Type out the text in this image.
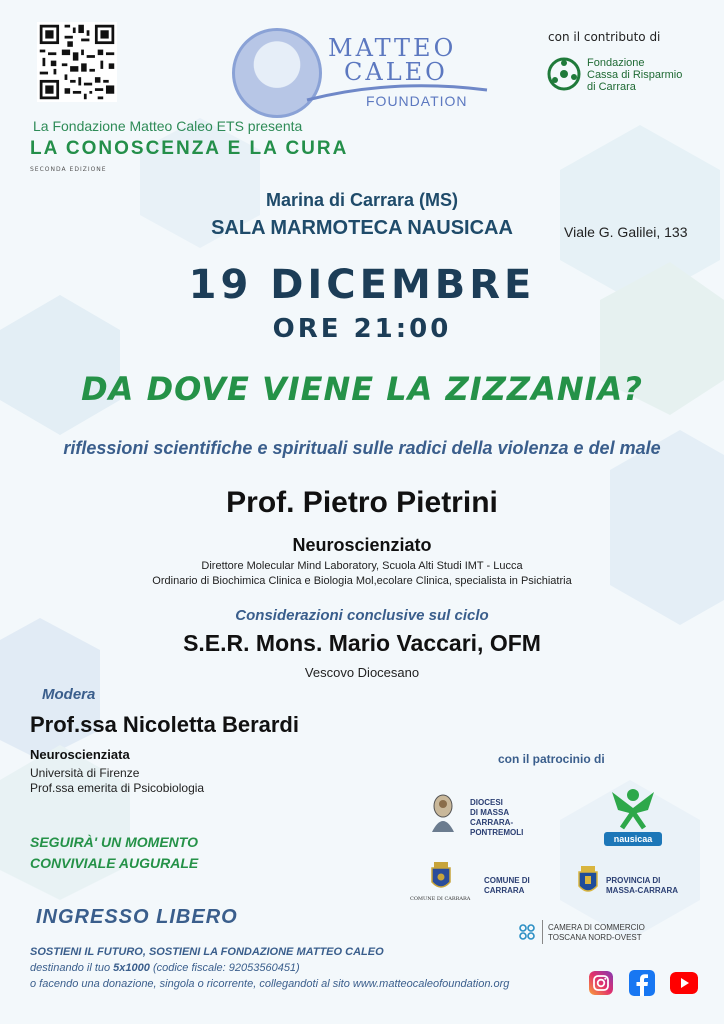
MATTEO
CALEO
FOUNDATION
con il contributo di
Fondazione
Cassa di Risparmio
di Carrara
La Fondazione Matteo Caleo ETS presenta
LA CONOSCENZA E LA CURA
SECONDA EDIZIONE
Marina di Carrara (MS)
SALA MARMOTECA NAUSICAA	Viale G. Galilei, 133
19 DICEMBRE
ORE 21:00
DA DOVE VIENE LA ZIZZANIA?
riflessioni scientifiche e spirituali sulle radici della violenza e del male
Prof. Pietro Pietrini
Neuroscienziato
Direttore Molecular Mind Laboratory, Scuola Alti Studi IMT - Lucca
Ordinario di Biochimica Clinica e Biologia Mol,ecolare Clinica, specialista in Psichiatria
Considerazioni conclusive sul ciclo
S.E.R. Mons. Mario Vaccari, OFM
Vescovo Diocesano
Modera
Prof.ssa Nicoletta Berardi
Neuroscienziata
Università di Firenze
Prof.ssa emerita di Psicobiologia
SEGUIRÀ' UN MOMENTO
CONVIVIALE AUGURALE
INGRESSO LIBERO
SOSTIENI IL FUTURO, SOSTIENI LA FONDAZIONE MATTEO CALEO
destinando il tuo 5x1000 (codice fiscale: 92053560451)
o facendo una donazione, singola o ricorrente, collegandoti al sito www.matteocaleofoundation.org
con il patrocinio di
DIOCESI
DI MASSA
CARRARA-
PONTREMOLI
nausicaa
COMUNE DI CARRARA
COMUNE DI
CARRARA
PROVINCIA DI
MASSA-CARRARA
CAMERA DI COMMERCIO
TOSCANA NORD-OVEST
